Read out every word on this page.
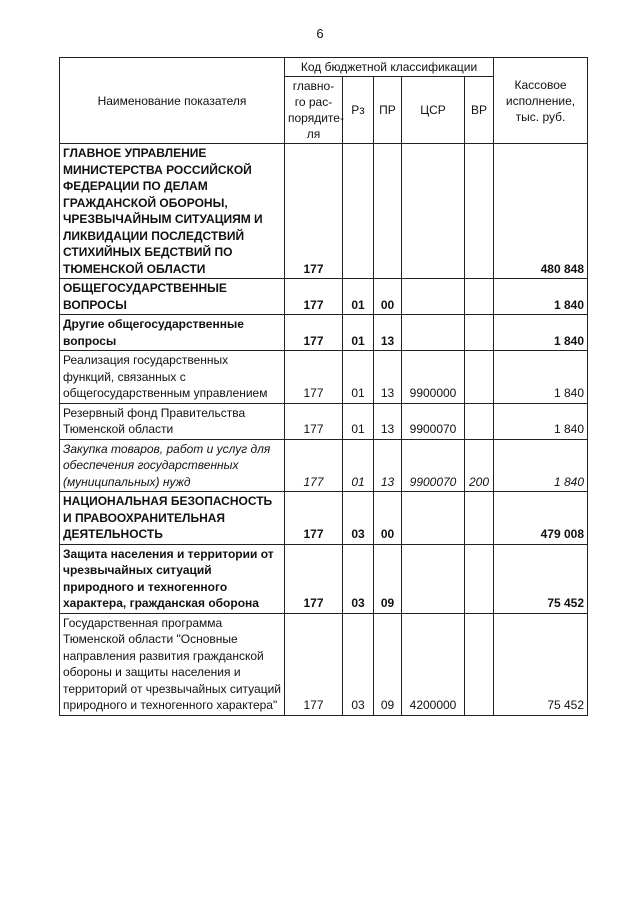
6
Наименование показателя	Код бюджетной классификации					Кассовое исполнение, тыс. руб.
	главно-го рас-порядите-ля	Рз	ПР	ЦСР	ВР	
ГЛАВНОЕ УПРАВЛЕНИЕ МИНИСТЕРСТВА РОССИЙСКОЙ ФЕДЕРАЦИИ ПО ДЕЛАМ ГРАЖДАНСКОЙ ОБОРОНЫ, ЧРЕЗВЫЧАЙНЫМ СИТУАЦИЯМ И ЛИКВИДАЦИИ ПОСЛЕДСТВИЙ СТИХИЙНЫХ БЕДСТВИЙ ПО ТЮМЕНСКОЙ ОБЛАСТИ	177					480 848
ОБЩЕГОСУДАРСТВЕННЫЕ ВОПРОСЫ	177	01	00			1 840
Другие общегосударственные вопросы	177	01	13			1 840
Реализация государственных функций, связанных с общегосударственным управлением	177	01	13	9900000		1 840
Резервный фонд Правительства Тюменской области	177	01	13	9900070		1 840
Закупка товаров, работ и услуг для обеспечения государственных (муниципальных) нужд	177	01	13	9900070	200	1 840
НАЦИОНАЛЬНАЯ БЕЗОПАСНОСТЬ И ПРАВООХРАНИТЕЛЬНАЯ ДЕЯТЕЛЬНОСТЬ	177	03	00			479 008
Защита населения и территории от чрезвычайных ситуаций природного и техногенного характера, гражданская оборона	177	03	09			75 452
Государственная программа Тюменской области "Основные направления развития гражданской обороны и защиты населения и территорий от чрезвычайных ситуаций природного и техногенного характера"	177	03	09	4200000		75 452
